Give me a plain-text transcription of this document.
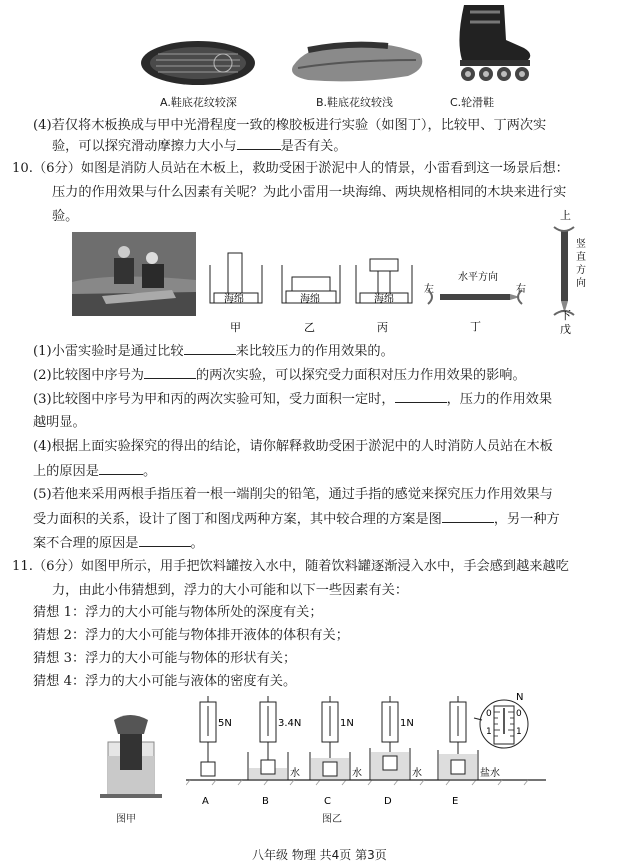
A.鞋底花纹较深	B.鞋底花纹较浅	C.轮滑鞋
(4)若仅将木板换成与甲中光滑程度一致的橡胶板进行实验（如图丁），比较甲、丁两次实
验，可以探究滑动摩擦力大小与	是否有关。
10.（6分）如图是消防人员站在木板上，救助受困于淤泥中人的情景，小雷看到这一场景后想：
压力的作用效果与什么因素有关呢？为此小雷用一块海绵、两块规格相同的木块来进行实
验。
海绵	海绵	海绵
甲	乙	丙
水平方向
左	右
丁
上
竖
直
方
向
下
戊
(1)小雷实验时是通过比较	来比较压力的作用效果的。
(2)比较图中序号为	的两次实验，可以探究受力面积对压力作用效果的影响。
(3)比较图中序号为甲和丙的两次实验可知，受力面积一定时，	，压力的作用效果
越明显。
(4)根据上面实验探究的得出的结论，请你解释救助受困于淤泥中的人时消防人员站在木板
上的原因是	。
(5)若他来采用两根手指压着一根一端削尖的铅笔，通过手指的感觉来探究压力作用效果与
受力面积的关系，设计了图丁和图戊两种方案，其中较合理的方案是图	，另一种方
案不合理的原因是	。
11.（6分）如图甲所示，用手把饮料罐按入水中，随着饮料罐逐渐浸入水中，手会感到越来越吃
力，由此小伟猜想到，浮力的大小可能和以下一些因素有关：
猜想 1：浮力的大小可能与物体所处的深度有关；
猜想 2：浮力的大小可能与物体排开液体的体积有关；
猜想 3：浮力的大小可能与物体的形状有关；
猜想 4：浮力的大小可能与液体的密度有关。
图甲
5N	3.4N
水
1N
水
1N
水	盐水
N
0	0
1	1
A	B	C	D	E
图乙
八年级 物理 共4页 第3页
